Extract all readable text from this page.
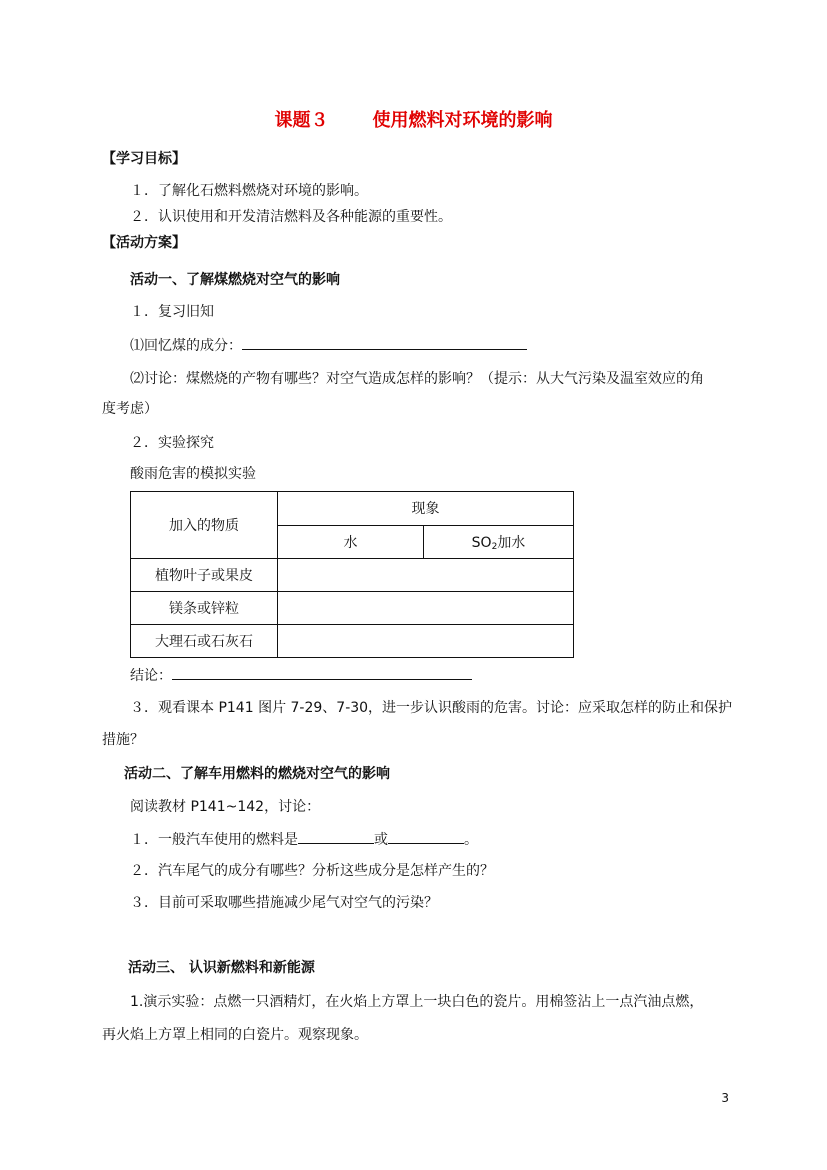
课题３ 使用燃料对环境的影响
【学习目标】
１．了解化石燃料燃烧对环境的影响。
２．认识使用和开发清洁燃料及各种能源的重要性。
【活动方案】
活动一、了解煤燃烧对空气的影响
１．复习旧知
⑴回忆煤的成分：
⑵讨论：煤燃烧的产物有哪些？对空气造成怎样的影响？（提示：从大气污染及温室效应的角
度考虑）
２．实验探究
酸雨危害的模拟实验
加入的物质	现象	
	水	$SO_2$加水
植物叶子或果皮		
镁条或锌粒		
大理石或石灰石		
结论：
３．观看课本 P141 图片 7-29、7-30，进一步认识酸雨的危害。讨论：应采取怎样的防止和保护
措施？
活动二、了解车用燃料的燃烧对空气的影响
阅读教材 P141~142，讨论：
１．一般汽车使用的燃料是	或	。
２．汽车尾气的成分有哪些？分析这些成分是怎样产生的？
３．目前可采取哪些措施减少尾气对空气的污染？
活动三、 认识新燃料和新能源
1.演示实验：点燃一只酒精灯，在火焰上方罩上一块白色的瓷片。用棉签沾上一点汽油点燃，
再火焰上方罩上相同的白瓷片。观察现象。
3
